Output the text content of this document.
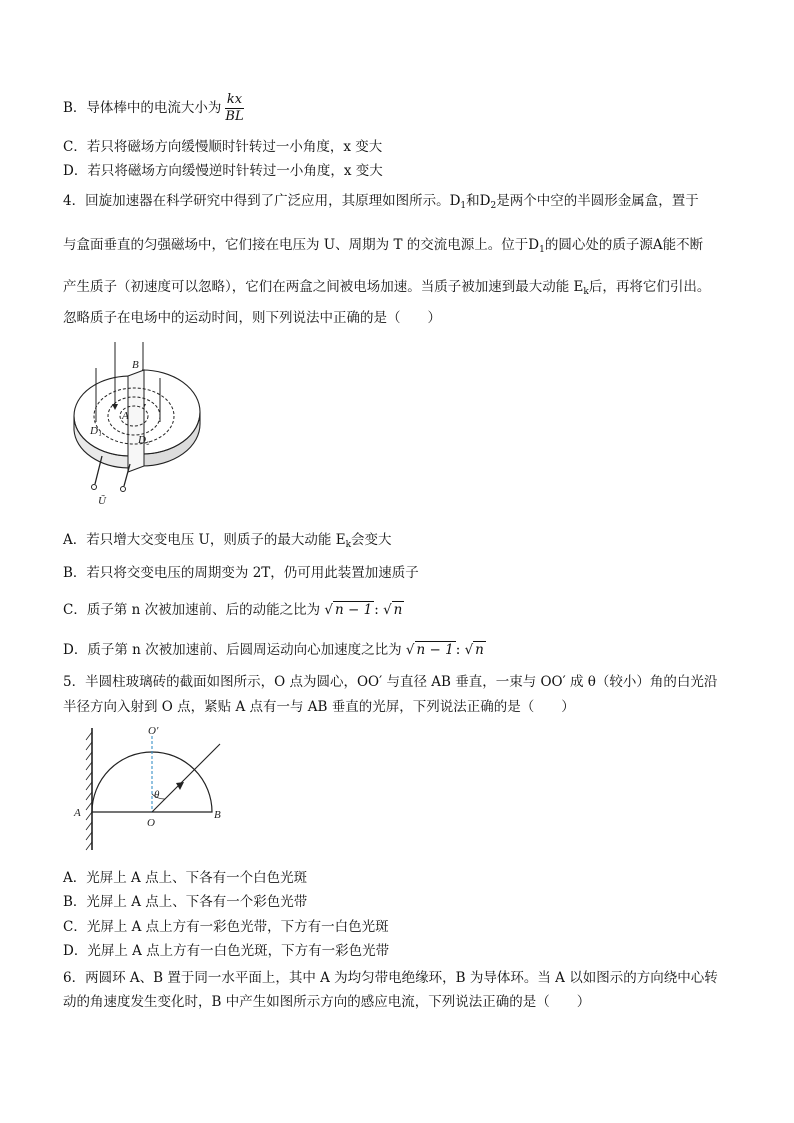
B．导体棒中的电流大小为 $\frac{kx}{BL}$
C．若只将磁场方向缓慢顺时针转过一小角度，x 变大
D．若只将磁场方向缓慢逆时针转过一小角度，x 变大
4．回旋加速器在科学研究中得到了广泛应用，其原理如图所示。$D_1$和$D_2$是两个中空的半圆形金属盒，置于
与盒面垂直的匀强磁场中，它们接在电压为 U、周期为 T 的交流电源上。位于$D_1$的圆心处的质子源A能不断
产生质子（初速度可以忽略），它们在两盒之间被电场加速。当质子被加速到最大动能 $E_k$后，再将它们引出。
忽略质子在电场中的运动时间，则下列说法中正确的是（　　）
B
A
D₁
D₂
Ũ
A．若只增大交变电压 U，则质子的最大动能 $E_k$会变大
B．若只将交变电压的周期变为 2T，仍可用此装置加速质子
C．质子第 n 次被加速前、后的动能之比为 √ n − 1 : √ n
D．质子第 n 次被加速前、后圆周运动向心加速度之比为 √ n − 1 : √ n
5．半圆柱玻璃砖的截面如图所示，O 点为圆心，OO′ 与直径 AB 垂直，一束与 OO′ 成 θ（较小）角的白光沿
半径方向入射到 O 点，紧贴 A 点有一与 AB 垂直的光屏，下列说法正确的是（　　）
θ
O′
A
O
B
A．光屏上 A 点上、下各有一个白色光斑
B．光屏上 A 点上、下各有一个彩色光带
C．光屏上 A 点上方有一彩色光带，下方有一白色光斑
D．光屏上 A 点上方有一白色光斑，下方有一彩色光带
6．两圆环 A、B 置于同一水平面上，其中 A 为均匀带电绝缘环，B 为导体环。当 A 以如图示的方向绕中心转
动的角速度发生变化时，B 中产生如图所示方向的感应电流，下列说法正确的是（　　）
